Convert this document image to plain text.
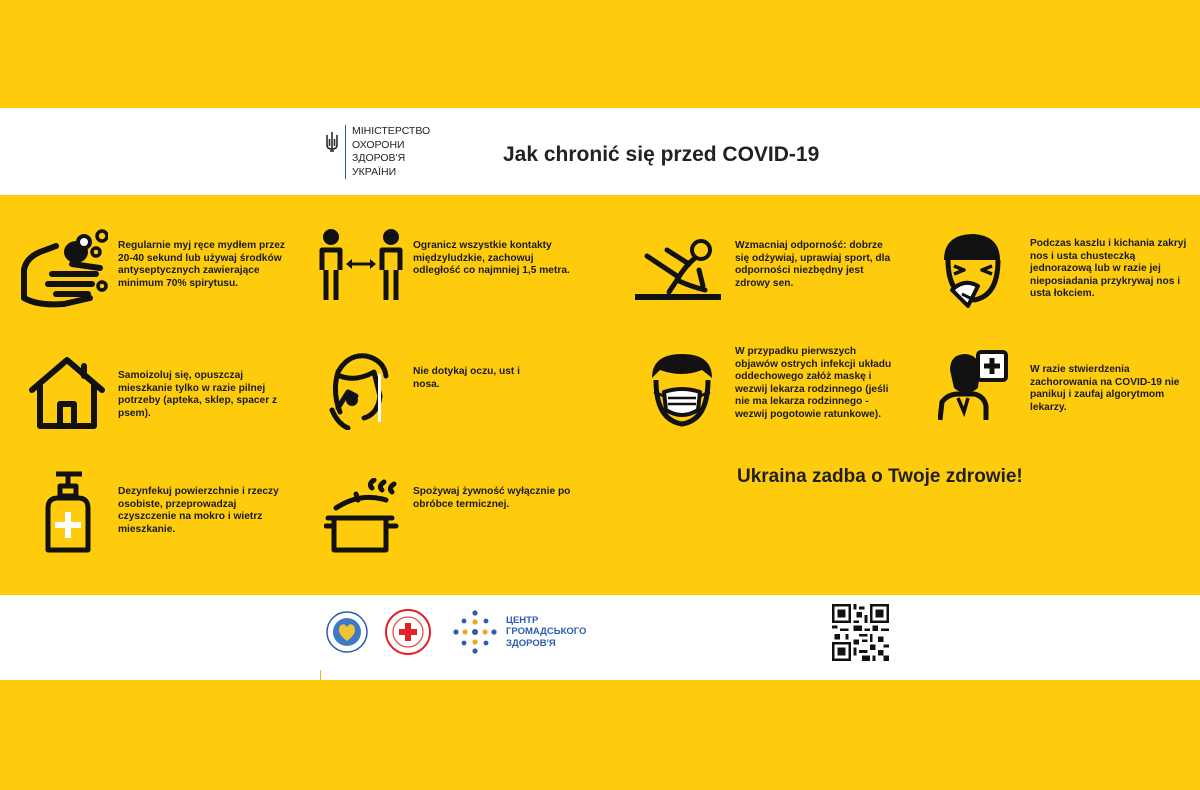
МІНІСТЕРСТВО
ОХОРОНИ
ЗДОРОВ'Я
УКРАЇНИ
Jak chronić się przed COVID-19
Regularnie myj ręce mydłem przez 20-40 sekund lub używaj środków antyseptycznych zawierające minimum 70% spirytusu.
Ogranicz wszystkie kontakty międzyludzkie, zachowuj odległość co najmniej 1,5 metra.
Wzmacniaj odporność: dobrze się odżywiaj, uprawiaj sport, dla odporności niezbędny jest zdrowy sen.
Podczas kaszlu i kichania zakryj nos i usta chusteczką jednorazową lub w razie jej nieposiadania przykrywaj nos i usta łokciem.
Samoizoluj się, opuszczaj mieszkanie tylko w razie pilnej potrzeby (apteka, sklep, spacer z psem).
Nie dotykaj oczu, ust i nosa.
W przypadku pierwszych objawów ostrych infekcji układu oddechowego załóż maskę i wezwij lekarza rodzinnego (jeśli nie ma lekarza rodzinnego - wezwij pogotowie ratunkowe).
W razie stwierdzenia zachorowania na COVID-19 nie panikuj i zaufaj algorytmom lekarzy.
Dezynfekuj powierzchnie i rzeczy osobiste, przeprowadzaj czyszczenie na mokro i wietrz mieszkanie.
Spożywaj żywność wyłącznie po obróbce termicznej.
Ukraina zadba o Twoje zdrowie!
ЦЕНТР
ГРОМАДСЬКОГО
ЗДОРОВ'Я
